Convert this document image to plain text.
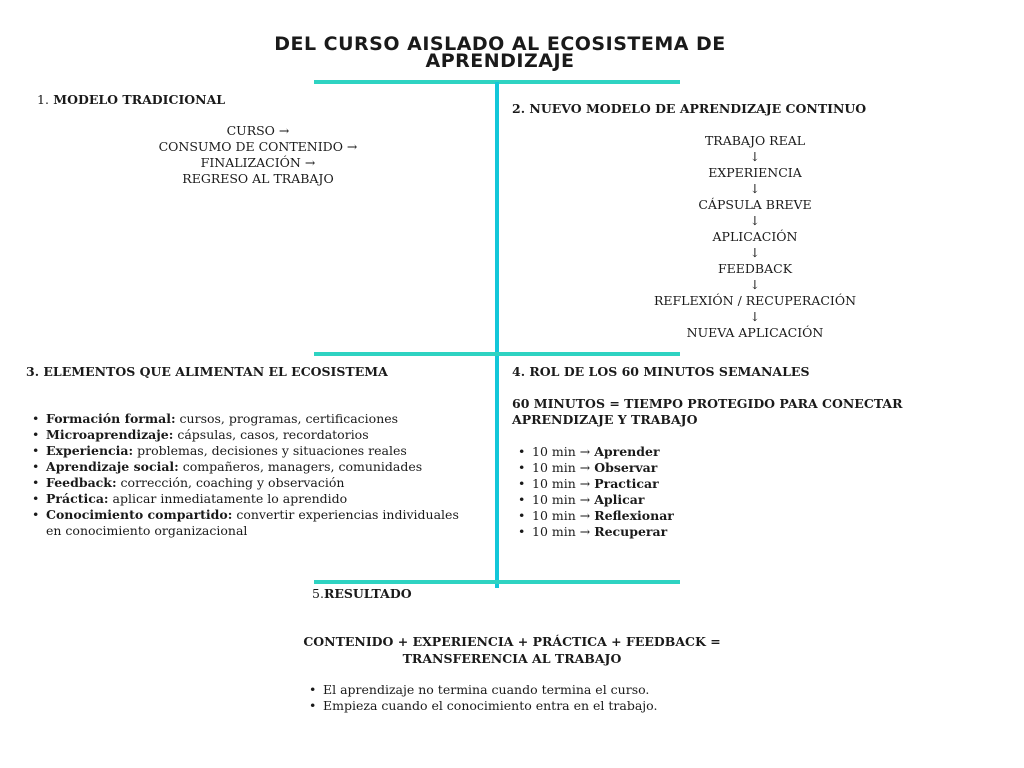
DEL CURSO AISLADO AL ECOSISTEMA DE
APRENDIZAJE
1. MODELO TRADICIONAL
CURSO →
CONSUMO DE CONTENIDO →
FINALIZACIÓN →
REGRESO AL TRABAJO
2. NUEVO MODELO DE APRENDIZAJE CONTINUO
TRABAJO REAL
↓
EXPERIENCIA
↓
CÁPSULA BREVE
↓
APLICACIÓN
↓
FEEDBACK
↓
REFLEXIÓN / RECUPERACIÓN
↓
NUEVA APLICACIÓN
3. ELEMENTOS QUE ALIMENTAN EL ECOSISTEMA
• Formación formal: cursos, programas, certificaciones
• Microaprendizaje: cápsulas, casos, recordatorios
• Experiencia: problemas, decisiones y situaciones reales
• Aprendizaje social: compañeros, managers, comunidades
• Feedback: corrección, coaching y observación
• Práctica: aplicar inmediatamente lo aprendido
• Conocimiento compartido: convertir experiencias individuales en conocimiento organizacional
4. ROL DE LOS 60 MINUTOS SEMANALES
60 MINUTOS = TIEMPO PROTEGIDO PARA CONECTAR APRENDIZAJE Y TRABAJO
• 10 min → Aprender
• 10 min → Observar
• 10 min → Practicar
• 10 min → Aplicar
• 10 min → Reflexionar
• 10 min → Recuperar
5.RESULTADO
CONTENIDO + EXPERIENCIA + PRÁCTICA + FEEDBACK =
TRANSFERENCIA AL TRABAJO
• El aprendizaje no termina cuando termina el curso.
• Empieza cuando el conocimiento entra en el trabajo.
